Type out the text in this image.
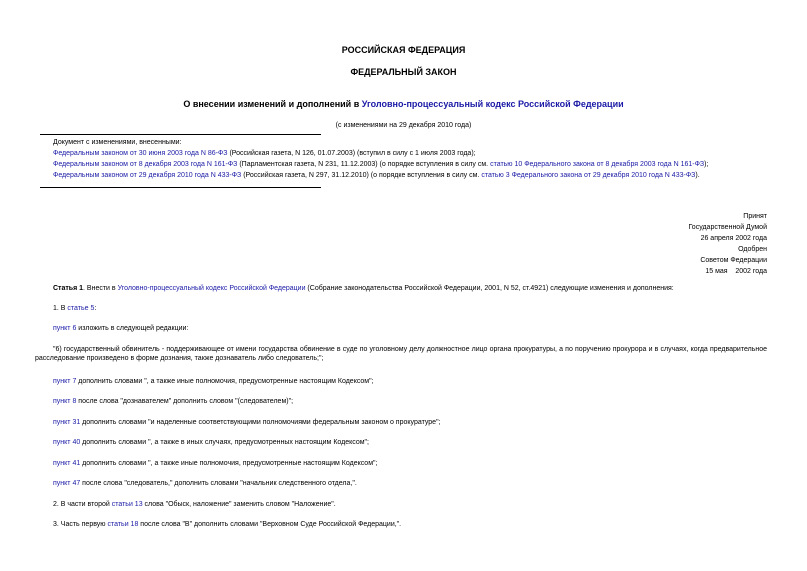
РОССИЙСКАЯ ФЕДЕРАЦИЯ
ФЕДЕРАЛЬНЫЙ ЗАКОН
О внесении изменений и дополнений в Уголовно-процессуальный кодекс Российской Федерации
(с изменениями на 29 декабря 2010 года)
Документ с изменениями, внесенными:
Федеральным законом от 30 июня 2003 года N 86-ФЗ (Российская газета, N 126, 01.07.2003) (вступил в силу с 1 июля 2003 года);
Федеральным законом от 8 декабря 2003 года N 161-ФЗ (Парламентская газета, N 231, 11.12.2003) (о порядке вступления в силу см. статью 10 Федерального закона от 8 декабря 2003 года N 161-ФЗ);
Федеральным законом от 29 декабря 2010 года N 433-ФЗ (Российская газета, N 297, 31.12.2010) (о порядке вступления в силу см. статью 3 Федерального закона от 29 декабря 2010 года N 433-ФЗ).
Принят
Государственной Думой
26 апреля 2002 года
Одобрен
Советом Федерации
15 мая    2002 года
Статья 1. Внести в Уголовно-процессуальный кодекс Российской Федерации (Собрание законодательства Российской Федерации, 2001, N 52, ст.4921) следующие изменения и дополнения:
1. В статье 5:
пункт 6 изложить в следующей редакции:
"6) государственный обвинитель - поддерживающее от имени государства обвинение в суде по уголовному делу должностное лицо органа прокуратуры, а по поручению прокурора и в случаях, когда предварительное расследование произведено в форме дознания, также дознаватель либо следователь;";
пункт 7 дополнить словами ", а также иные полномочия, предусмотренные настоящим Кодексом";
пункт 8 после слова "дознавателем" дополнить словом "(следователем)";
пункт 31 дополнить словами "и наделенные соответствующими полномочиями федеральным законом о прокуратуре";
пункт 40 дополнить словами ", а также в иных случаях, предусмотренных настоящим Кодексом";
пункт 41 дополнить словами ", а также иные полномочия, предусмотренные настоящим Кодексом";
пункт 47 после слова "следователь," дополнить словами "начальник следственного отдела,".
2. В части второй статьи 13 слова "Обыск, наложение" заменить словом "Наложение".
3. Часть первую статьи 18 после слова "В" дополнить словами "Верховном Суде Российской Федерации,".
